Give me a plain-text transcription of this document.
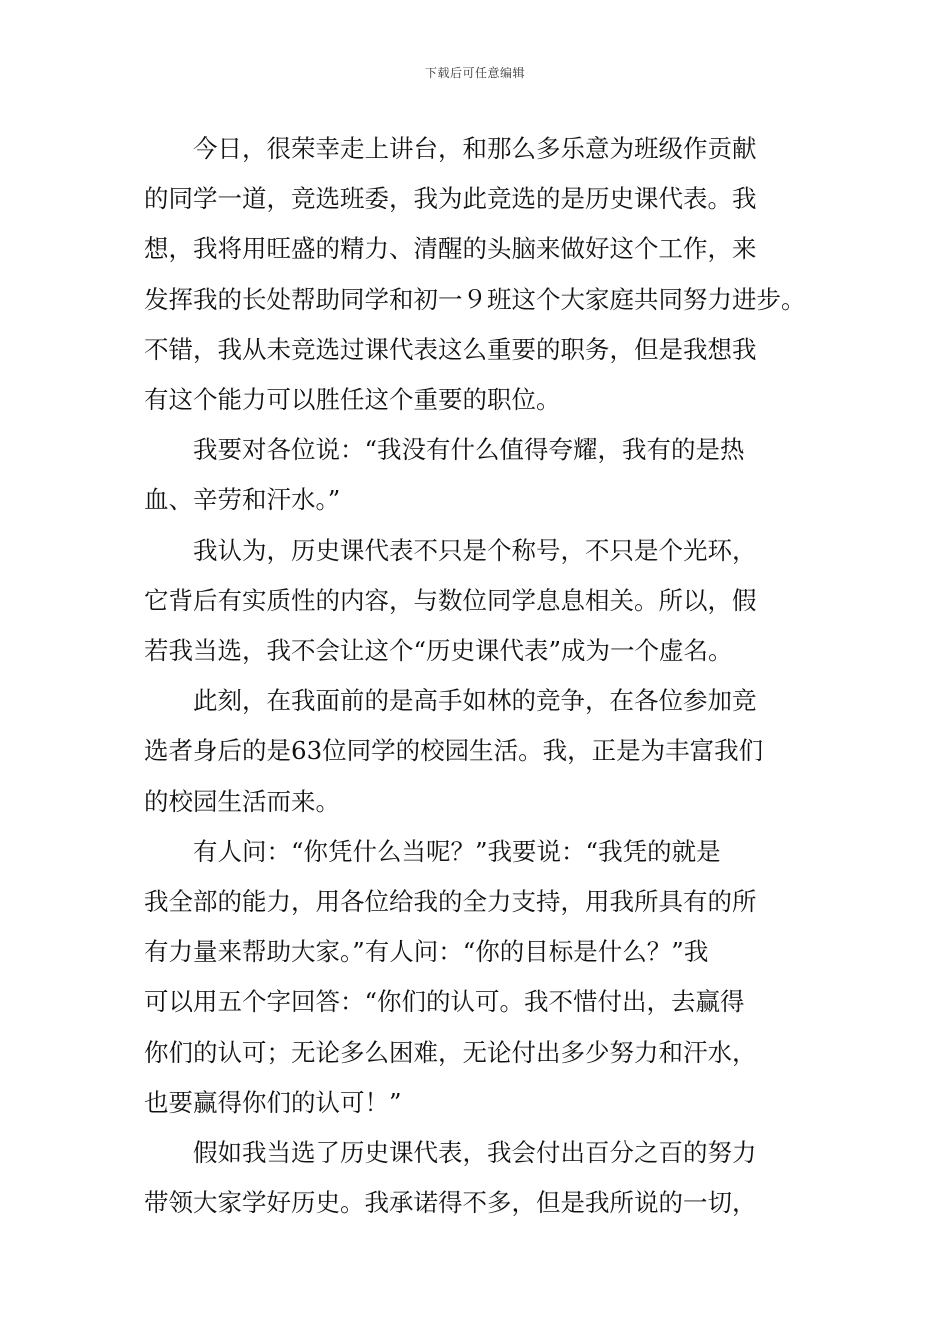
下载后可任意编辑
　　今日，很荣幸走上讲台，和那么多乐意为班级作贡献
的同学一道，竞选班委，我为此竞选的是历史课代表。我
想，我将用旺盛的精力、清醒的头脑来做好这个工作，来
发挥我的长处帮助同学和初一９班这个大家庭共同努力进步。
不错，我从未竞选过课代表这么重要的职务，但是我想我
有这个能力可以胜任这个重要的职位。
　　我要对各位说：“我没有什么值得夸耀，我有的是热
血、辛劳和汗水。”
　　我认为，历史课代表不只是个称号，不只是个光环，
它背后有实质性的内容，与数位同学息息相关。所以，假
若我当选，我不会让这个“历史课代表”成为一个虚名。
　　此刻，在我面前的是高手如林的竞争，在各位参加竞
选者身后的是63位同学的校园生活。我，正是为丰富我们
的校园生活而来。
　　有人问：“你凭什么当呢？”我要说：“我凭的就是
我全部的能力，用各位给我的全力支持，用我所具有的所
有力量来帮助大家。”有人问：“你的目标是什么？”我
可以用五个字回答：“你们的认可。我不惜付出，去赢得
你们的认可；无论多么困难，无论付出多少努力和汗水，
也要赢得你们的认可！”
　　假如我当选了历史课代表，我会付出百分之百的努力
带领大家学好历史。我承诺得不多，但是我所说的一切，
